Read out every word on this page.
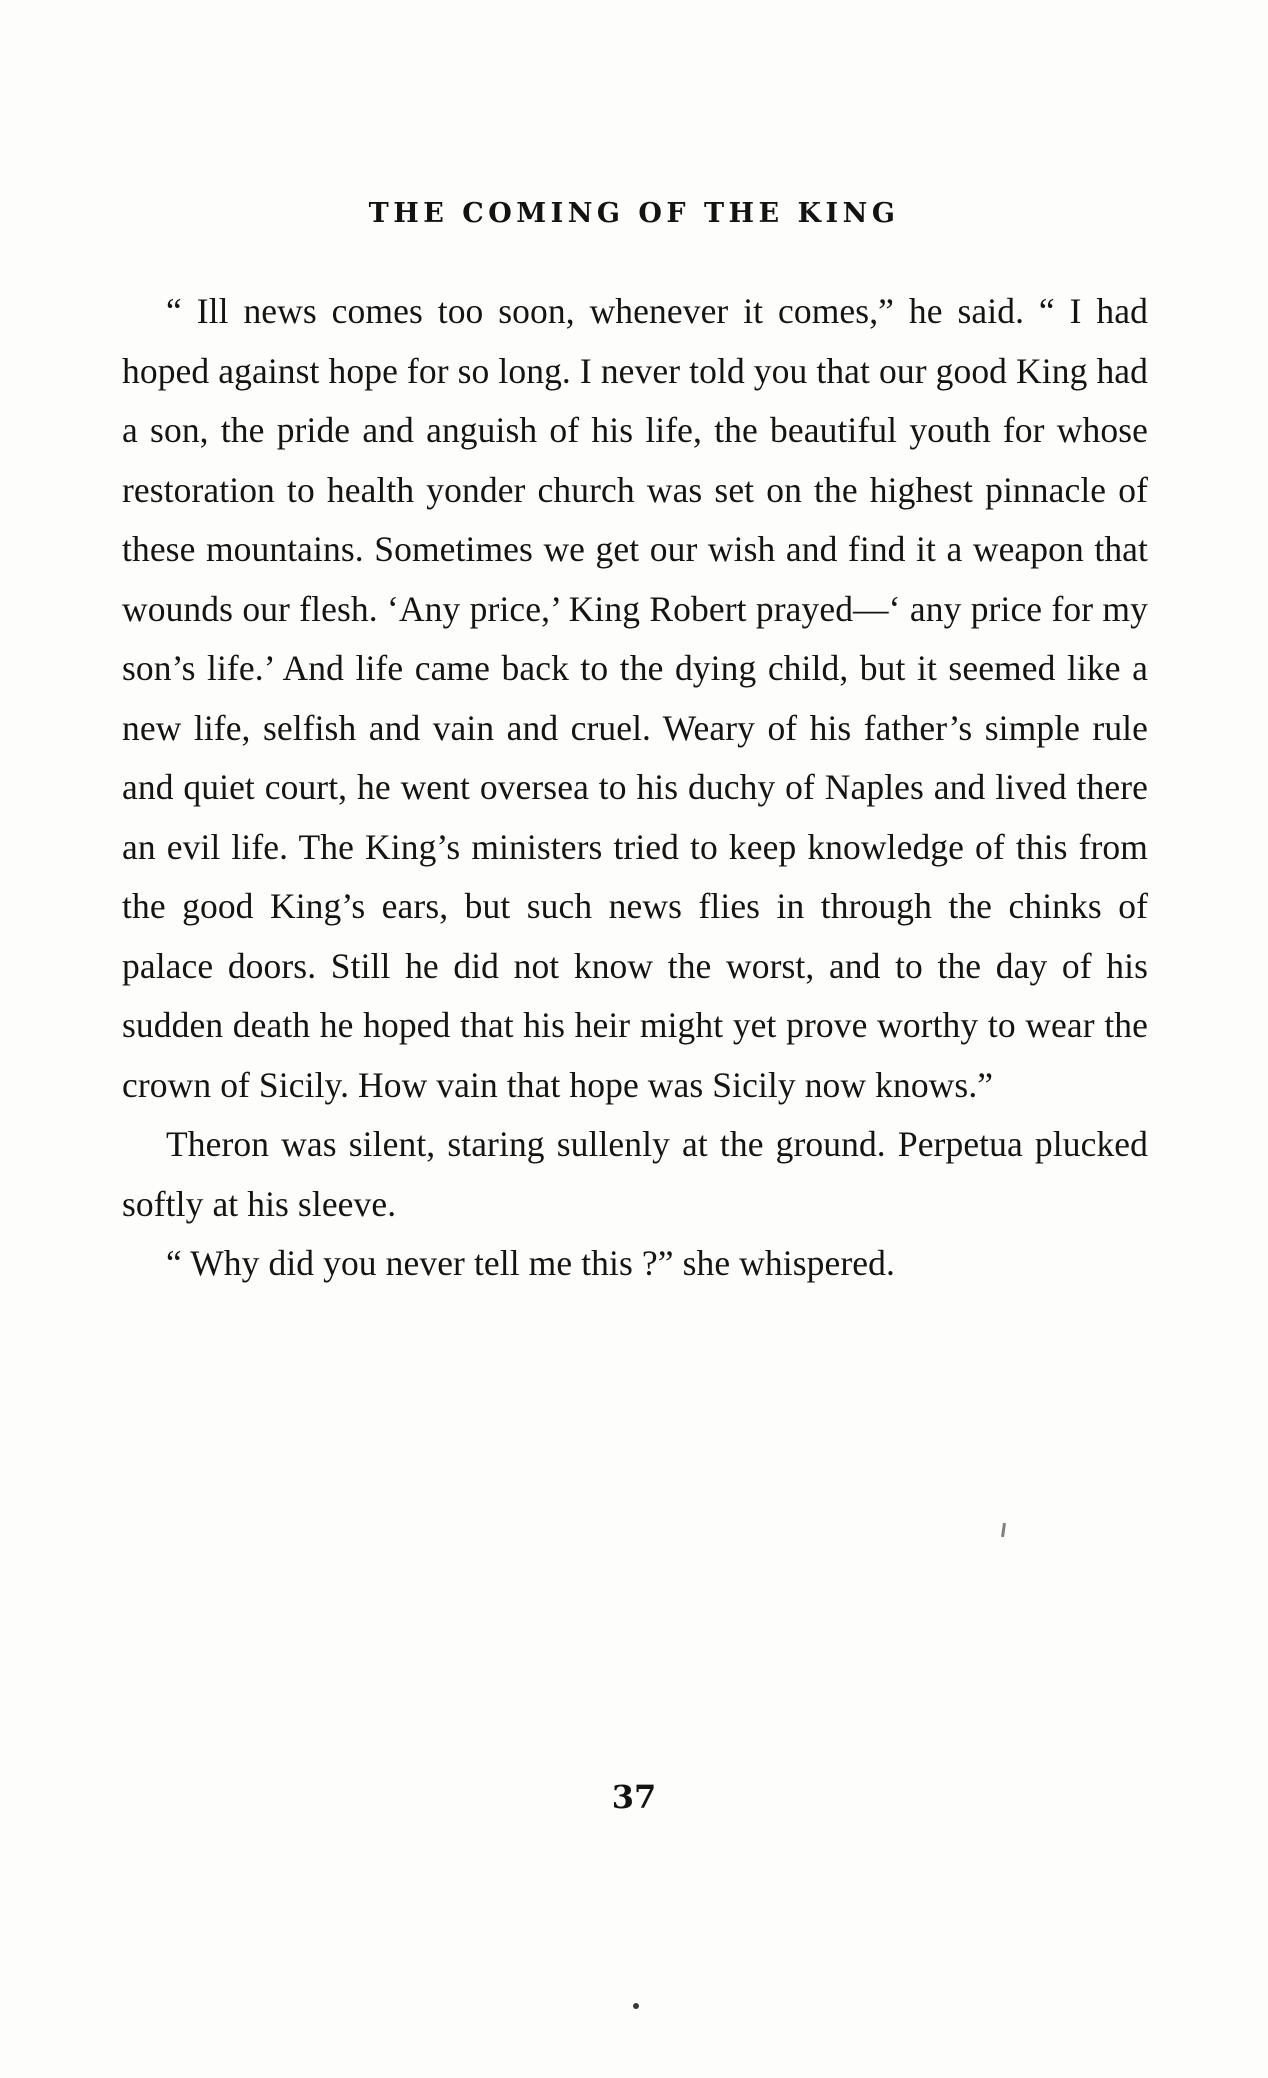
THE COMING OF THE KING

“ Ill news comes too soon, whenever it comes,” he said. “ I had hoped against hope for so long. I never told you that our good King had a son, the pride and anguish of his life, the beautiful youth for whose restoration to health yonder church was set on the highest pinnacle of these mountains. Sometimes we get our wish and find it a weapon that wounds our flesh. ‘Any price,’ King Robert prayed—‘ any price for my son’s life.’ And life came back to the dying child, but it seemed like a new life, selfish and vain and cruel. Weary of his father’s simple rule and quiet court, he went oversea to his duchy of Naples and lived there an evil life. The King’s ministers tried to keep knowledge of this from the good King’s ears, but such news flies in through the chinks of palace doors. Still he did not know the worst, and to the day of his sudden death he hoped that his heir might yet prove worthy to wear the crown of Sicily. How vain that hope was Sicily now knows.”

Theron was silent, staring sullenly at the ground. Perpetua plucked softly at his sleeve.

“ Why did you never tell me this ?” she whispered.

37
